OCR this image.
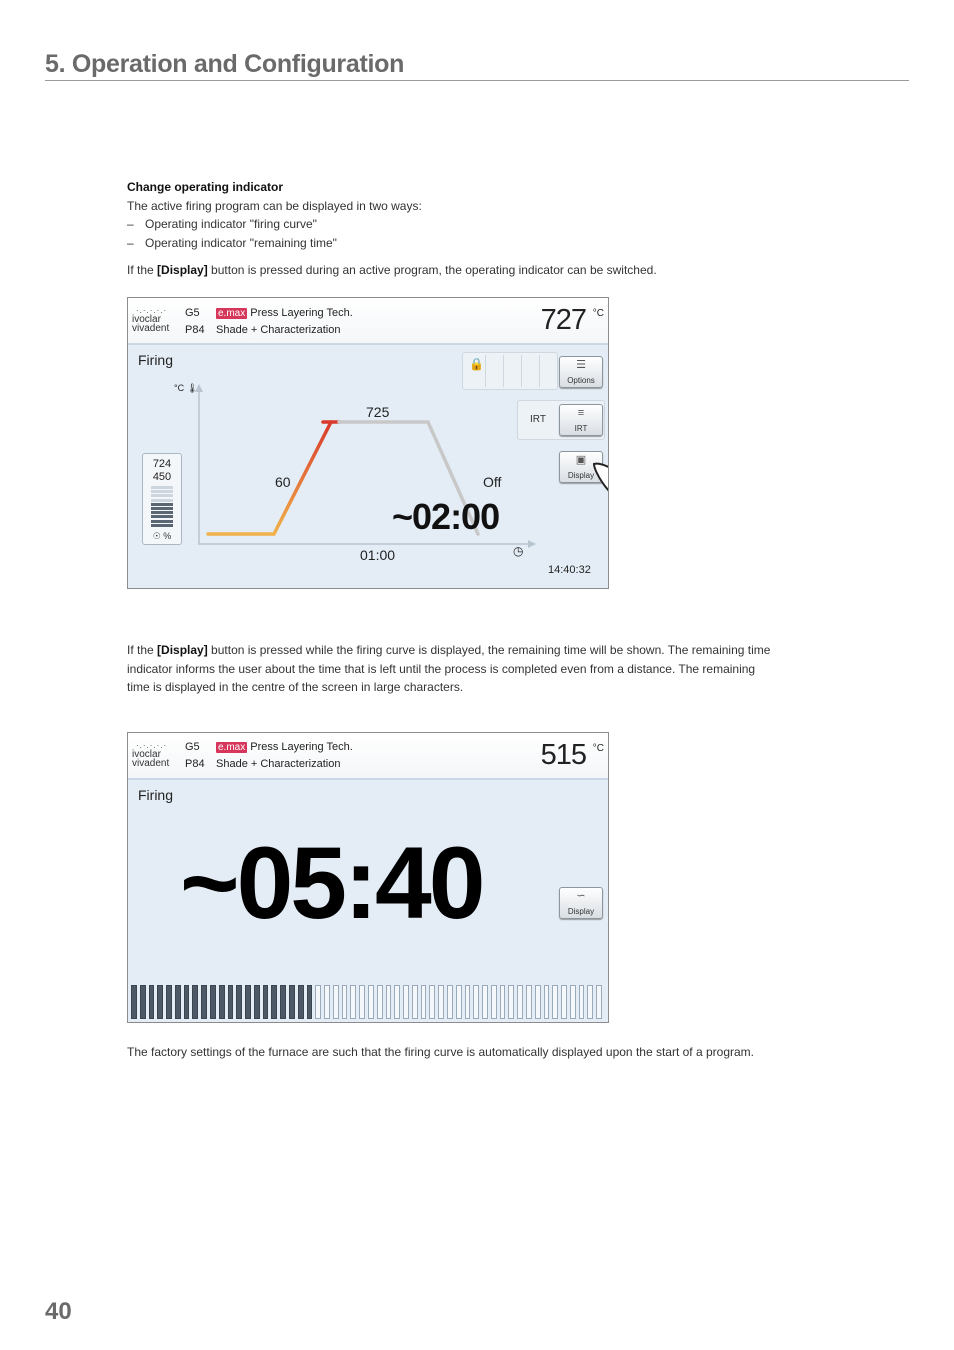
5. Operation and Configuration
Change operating indicator
The active firing program can be displayed in two ways:
– Operating indicator "firing curve"
– Operating indicator "remaining time"
If the [Display] button is pressed during an active program, the operating indicator can be switched.
·.·.·.·.·
ivoclar
vivadent
G5
P84
e.max Press Layering Tech.
Shade + Characterization	727 °C
Firing	🔒	☰
Options
IRT
≡
IRT
▣
Display
724
450
☉ %
°C 🌡
60
725
Off
01:00	◷
~02:00
14:40:32
If the [Display] button is pressed while the firing curve is displayed, the remaining time will be shown. The remaining time
indicator informs the user about the time that is left until the process is completed even from a distance. The remaining
time is displayed in the centre of the screen in large characters.
·.·.·.·.·
ivoclar
vivadent
G5
P84
e.max Press Layering Tech.
Shade + Characterization	515 °C
Firing
~05:40	∽
Display
The factory settings of the furnace are such that the firing curve is automatically displayed upon the start of a program.
40
